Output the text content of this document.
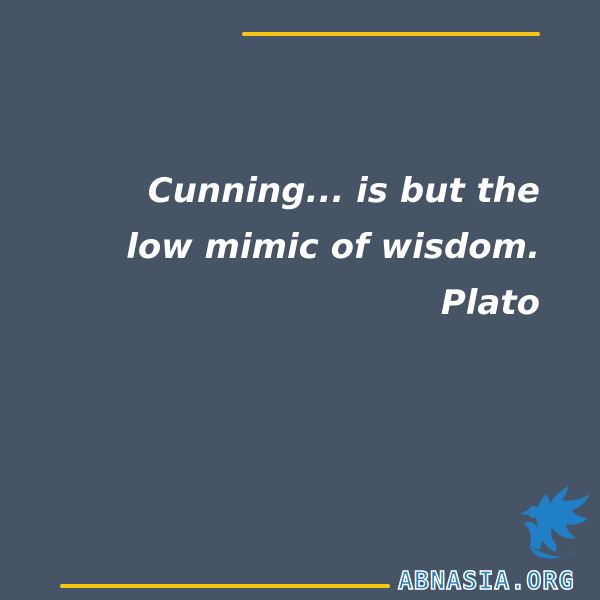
Cunning... is but the
low mimic of wisdom.
Plato
ABNASIA.ORG
